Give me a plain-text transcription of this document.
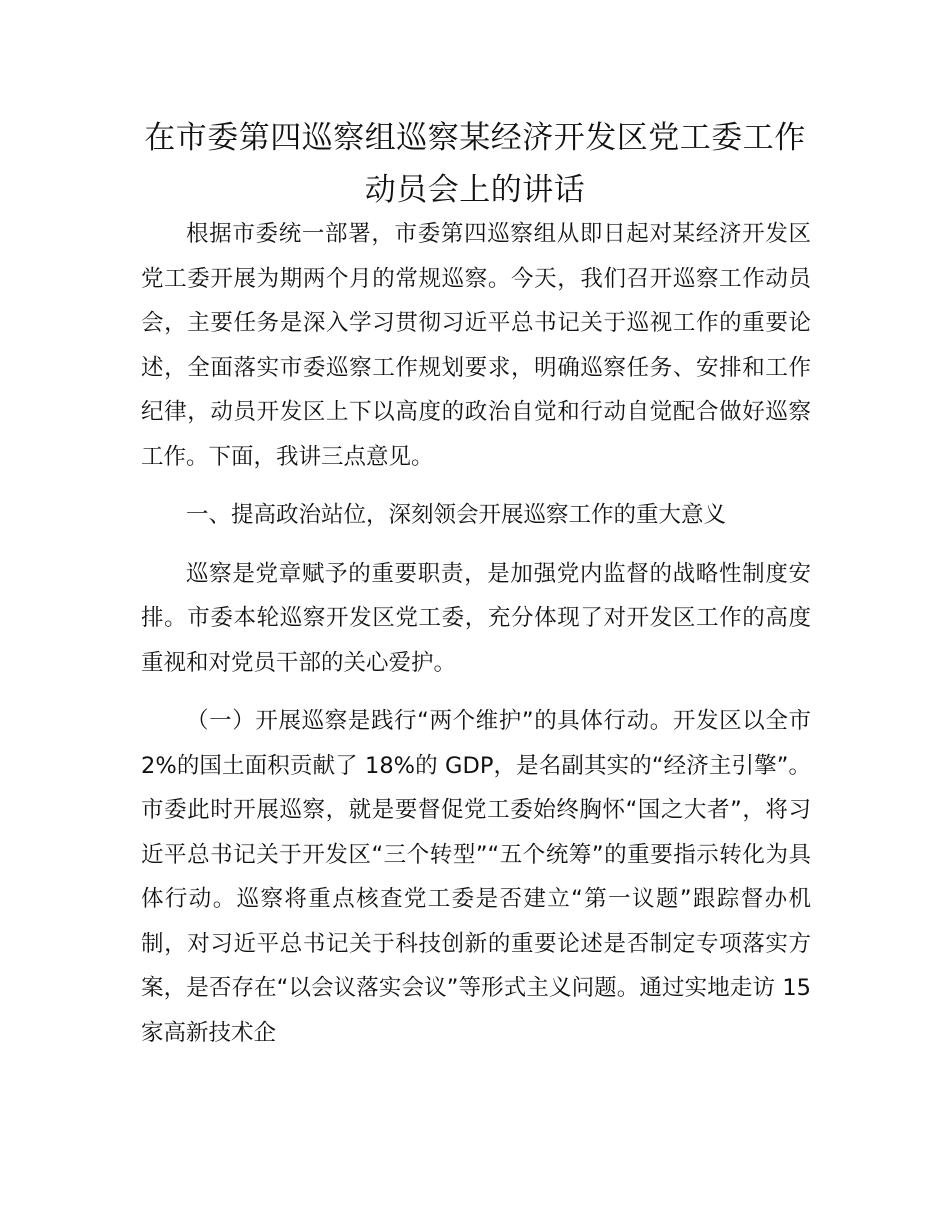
在市委第四巡察组巡察某经济开发区党工委工作动员会上的讲话

根据市委统一部署，市委第四巡察组从即日起对某经济开发区党工委开展为期两个月的常规巡察。今天，我们召开巡察工作动员会，主要任务是深入学习贯彻习近平总书记关于巡视工作的重要论述，全面落实市委巡察工作规划要求，明确巡察任务、安排和工作纪律，动员开发区上下以高度的政治自觉和行动自觉配合做好巡察工作。下面，我讲三点意见。

一、提高政治站位，深刻领会开展巡察工作的重大意义

巡察是党章赋予的重要职责，是加强党内监督的战略性制度安排。市委本轮巡察开发区党工委，充分体现了对开发区工作的高度重视和对党员干部的关心爱护。

（一）开展巡察是践行“两个维护”的具体行动。开发区以全市 2%的国土面积贡献了 18%的 GDP，是名副其实的“经济主引擎”。市委此时开展巡察，就是要督促党工委始终胸怀“国之大者”，将习近平总书记关于开发区“三个转型”“五个统筹”的重要指示转化为具体行动。巡察将重点核查党工委是否建立“第一议题”跟踪督办机制，对习近平总书记关于科技创新的重要论述是否制定专项落实方案，是否存在“以会议落实会议”等形式主义问题。通过实地走访 15 家高新技术企
